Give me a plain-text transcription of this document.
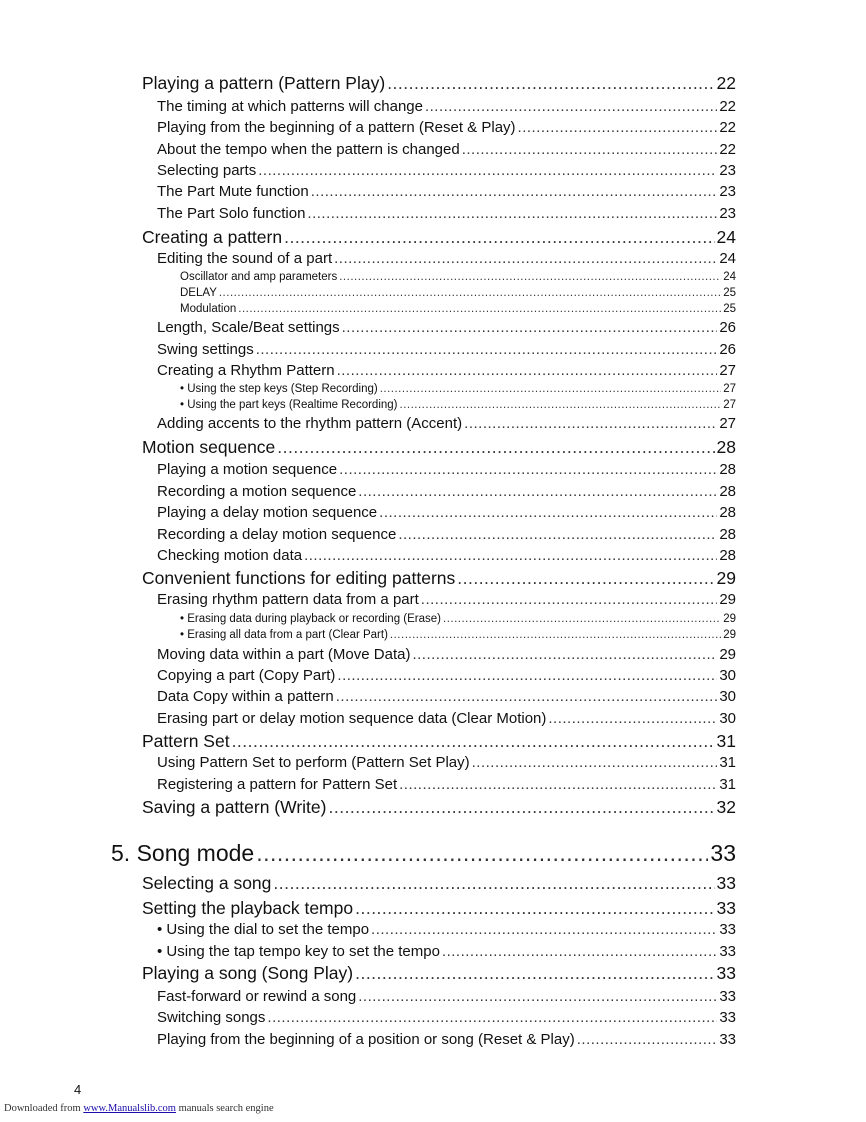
Playing a pattern (Pattern Play) .....	22
The timing at which patterns will change .....	22
Playing from the beginning of a pattern (Reset & Play) .....	22
About the tempo when the pattern is changed .....	22
Selecting parts .....	23
The Part Mute function .....	23
The Part Solo function .....	23
Creating a pattern .....	24
Editing the sound of a part .....	24
Oscillator and amp parameters .....	24
DELAY .....	25
Modulation .....	25
Length, Scale/Beat settings .....	26
Swing settings .....	26
Creating a Rhythm Pattern .....	27
• Using the step keys (Step Recording) .....	27
• Using the part keys (Realtime Recording) .....	27
Adding accents to the rhythm pattern (Accent) .....	27
Motion sequence .....	28
Playing a motion sequence .....	28
Recording a motion sequence .....	28
Playing a delay motion sequence .....	28
Recording a delay motion sequence .....	28
Checking motion data .....	28
Convenient functions for editing patterns .....	29
Erasing rhythm pattern data from a part .....	29
• Erasing data during playback or recording (Erase) .....	29
• Erasing all data from a part (Clear Part) .....	29
Moving data within a part (Move Data) .....	29
Copying a part (Copy Part) .....	30
Data Copy within a pattern .....	30
Erasing part or delay motion sequence data (Clear Motion) .....	30
Pattern Set .....	31
Using Pattern Set to perform (Pattern Set Play) .....	31
Registering a pattern for Pattern Set .....	31
Saving a pattern (Write) .....	32
5. Song mode .....	33
Selecting a song .....	33
Setting the playback tempo .....	33
• Using the dial to set the tempo .....	33
• Using the tap tempo key to set the tempo .....	33
Playing a song (Song Play) .....	33
Fast-forward or rewind a song .....	33
Switching songs .....	33
Playing from the beginning of a position or song (Reset & Play) .....	33
4
Downloaded from www.Manualslib.com manuals search engine
